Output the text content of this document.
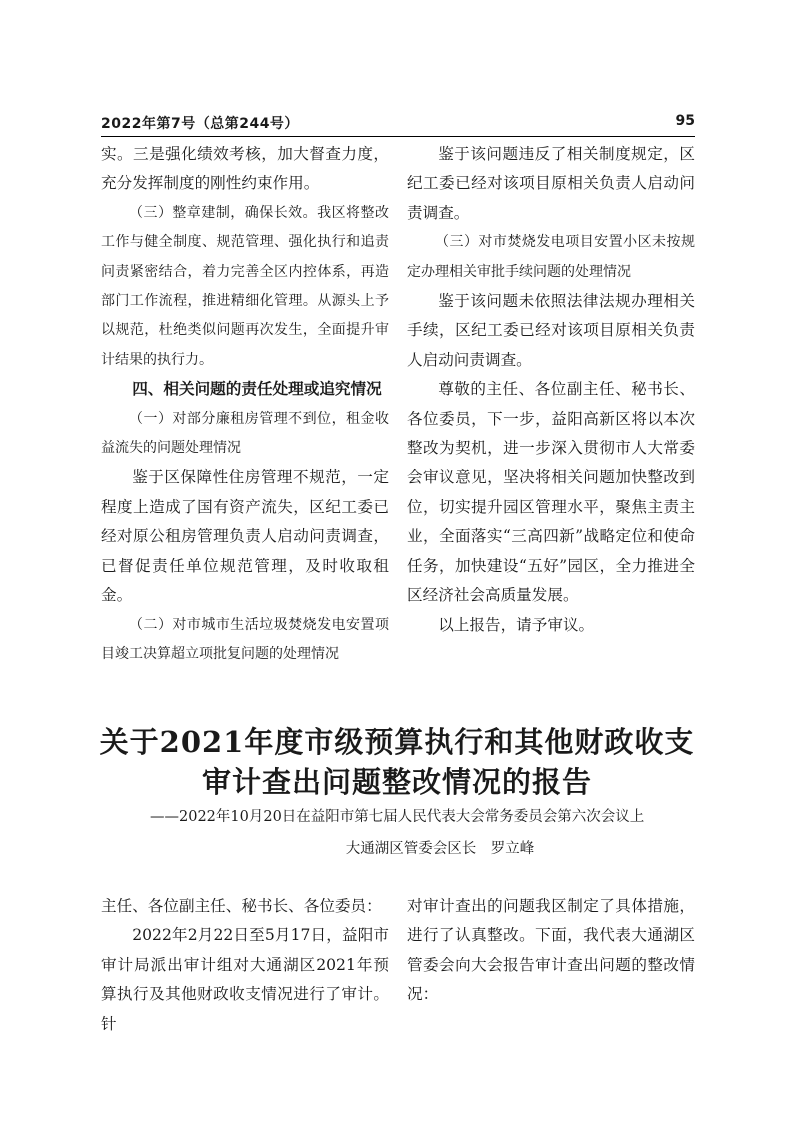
2022年第7号（总第244号）	95

实。三是强化绩效考核，加大督查力度，充分发挥制度的刚性约束作用。

（三）整章建制，确保长效。我区将整改工作与健全制度、规范管理、强化执行和追责问责紧密结合，着力完善全区内控体系，再造部门工作流程，推进精细化管理。从源头上予以规范，杜绝类似问题再次发生，全面提升审计结果的执行力。

四、相关问题的责任处理或追究情况

（一）对部分廉租房管理不到位，租金收益流失的问题处理情况

鉴于区保障性住房管理不规范，一定程度上造成了国有资产流失，区纪工委已经对原公租房管理负责人启动问责调查，已督促责任单位规范管理，及时收取租金。

（二）对市城市生活垃圾焚烧发电安置项目竣工决算超立项批复问题的处理情况

鉴于该问题违反了相关制度规定，区纪工委已经对该项目原相关负责人启动问责调查。

（三）对市焚烧发电项目安置小区未按规定办理相关审批手续问题的处理情况

鉴于该问题未依照法律法规办理相关手续，区纪工委已经对该项目原相关负责人启动问责调查。

尊敬的主任、各位副主任、秘书长、各位委员，下一步，益阳高新区将以本次整改为契机，进一步深入贯彻市人大常委会审议意见，坚决将相关问题加快整改到位，切实提升园区管理水平，聚焦主责主业，全面落实“三高四新”战略定位和使命任务，加快建设“五好”园区，全力推进全区经济社会高质量发展。

以上报告，请予审议。

关于2021年度市级预算执行和其他财政收支
审计查出问题整改情况的报告
——2022年10月20日在益阳市第七届人民代表大会常务委员会第六次会议上
大通湖区管委会区长　罗立峰

主任、各位副主任、秘书长、各位委员：

2022年2月22日至5月17日，益阳市审计局派出审计组对大通湖区2021年预算执行及其他财政收支情况进行了审计。针

对审计查出的问题我区制定了具体措施，进行了认真整改。下面，我代表大通湖区管委会向大会报告审计查出问题的整改情况：
